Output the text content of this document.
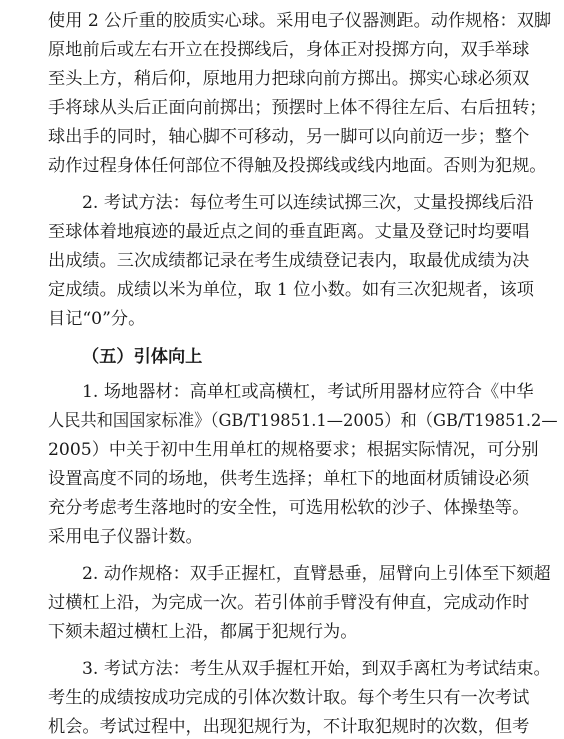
使用 2 公斤重的胶质实心球。采用电子仪器测距。动作规格：双脚
原地前后或左右开立在投掷线后，身体正对投掷方向，双手举球
至头上方，稍后仰，原地用力把球向前方掷出。掷实心球必须双
手将球从头后正面向前掷出；预摆时上体不得往左后、右后扭转；
球出手的同时，轴心脚不可移动，另一脚可以向前迈一步；整个
动作过程身体任何部位不得触及投掷线或线内地面。否则为犯规。
2. 考试方法：每位考生可以连续试掷三次，丈量投掷线后沿
至球体着地痕迹的最近点之间的垂直距离。丈量及登记时均要唱
出成绩。三次成绩都记录在考生成绩登记表内，取最优成绩为决
定成绩。成绩以米为单位，取 1 位小数。如有三次犯规者，该项
目记“0”分。
（五）引体向上
1. 场地器材：高单杠或高横杠，考试所用器材应符合《中华
人民共和国国家标准》（GB/T19851.1—2005）和（GB/T19851.2—
2005）中关于初中生用单杠的规格要求；根据实际情况，可分别
设置高度不同的场地，供考生选择；单杠下的地面材质铺设必须
充分考虑考生落地时的安全性，可选用松软的沙子、体操垫等。
采用电子仪器计数。
2. 动作规格：双手正握杠，直臂悬垂，屈臂向上引体至下颏超
过横杠上沿，为完成一次。若引体前手臂没有伸直，完成动作时
下颏未超过横杠上沿，都属于犯规行为。
3. 考试方法：考生从双手握杠开始，到双手离杠为考试结束。
考生的成绩按成功完成的引体次数计取。每个考生只有一次考试
机会。考试过程中，出现犯规行为，不计取犯规时的次数，但考
